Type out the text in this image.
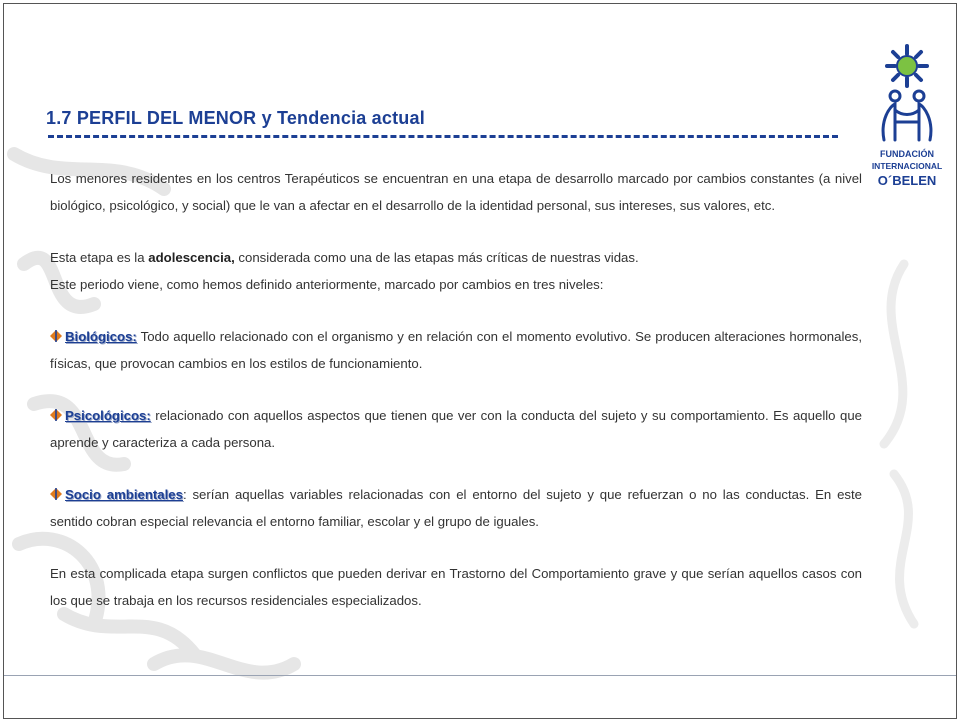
1.7 PERFIL DEL MENOR y Tendencia actual
FUNDACIÓN
INTERNACIONAL
O´BELEN

Los menores residentes en los centros Terapéuticos se encuentran en una etapa de desarrollo marcado por cambios constantes (a nivel biológico, psicológico, y social) que le van a afectar en el desarrollo de la identidad personal, sus intereses, sus valores, etc.

Esta etapa es la adolescencia, considerada como una de las etapas más críticas de nuestras vidas.

Este periodo viene, como hemos definido anteriormente, marcado por cambios en tres niveles:

Biológicos: Todo aquello relacionado con el organismo y en relación con el momento evolutivo. Se producen alteraciones hormonales, físicas, que provocan cambios en los estilos de funcionamiento.

Psicológicos: relacionado con aquellos aspectos que tienen que ver con la conducta del sujeto y su comportamiento. Es aquello que aprende y caracteriza a cada persona.

Socio ambientales: serían aquellas variables relacionadas con el entorno del sujeto y que refuerzan o no las conductas. En este sentido cobran especial relevancia el entorno familiar, escolar y el grupo de iguales.

En esta complicada etapa surgen conflictos que pueden derivar en Trastorno del Comportamiento grave y que serían aquellos casos con los que se trabaja en los recursos residenciales especializados.
